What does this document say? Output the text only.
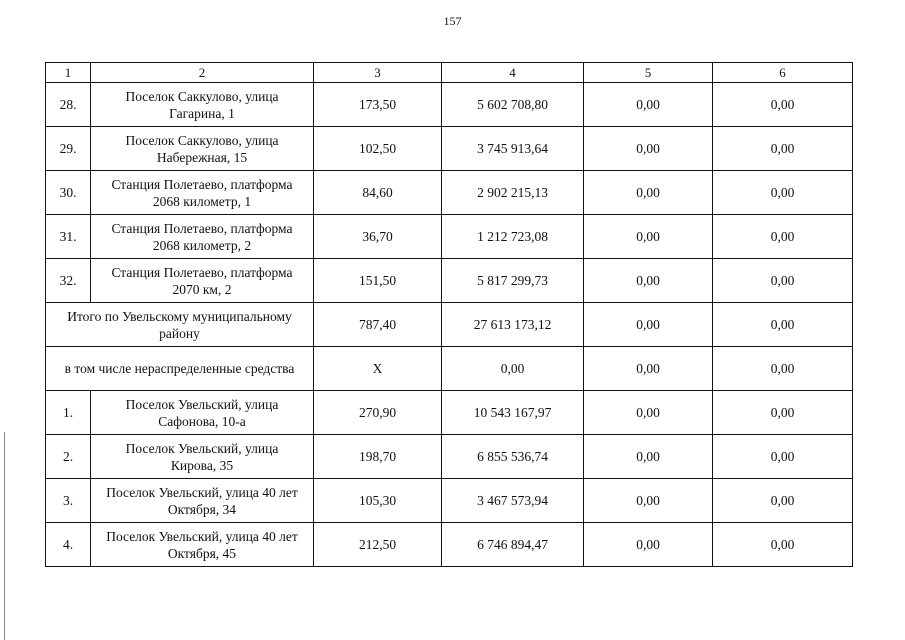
157
1	2	3	4	5	6
28.	Поселок Саккулово, улица
Гагарина, 1	173,50	5 602 708,80	0,00	0,00
29.	Поселок Саккулово, улица
Набережная, 15	102,50	3 745 913,64	0,00	0,00
30.	Станция Полетаево, платформа
2068 километр, 1	84,60	2 902 215,13	0,00	0,00
31.	Станция Полетаево, платформа
2068 километр, 2	36,70	1 212 723,08	0,00	0,00
32.	Станция Полетаево, платформа
2070 км, 2	151,50	5 817 299,73	0,00	0,00

Итого по Увельскому муниципальному
району		787,40	27 613 173,12	0,00	0,00
в том числе нераспределенные средства		X	0,00	0,00	0,00
1.	Поселок Увельский, улица
Сафонова, 10-а	270,90	10 543 167,97	0,00	0,00
2.	Поселок Увельский, улица
Кирова, 35	198,70	6 855 536,74	0,00	0,00
3.	Поселок Увельский, улица 40 лет
Октября, 34	105,30	3 467 573,94	0,00	0,00
4.	Поселок Увельский, улица 40 лет
Октября, 45	212,50	6 746 894,47	0,00	0,00
